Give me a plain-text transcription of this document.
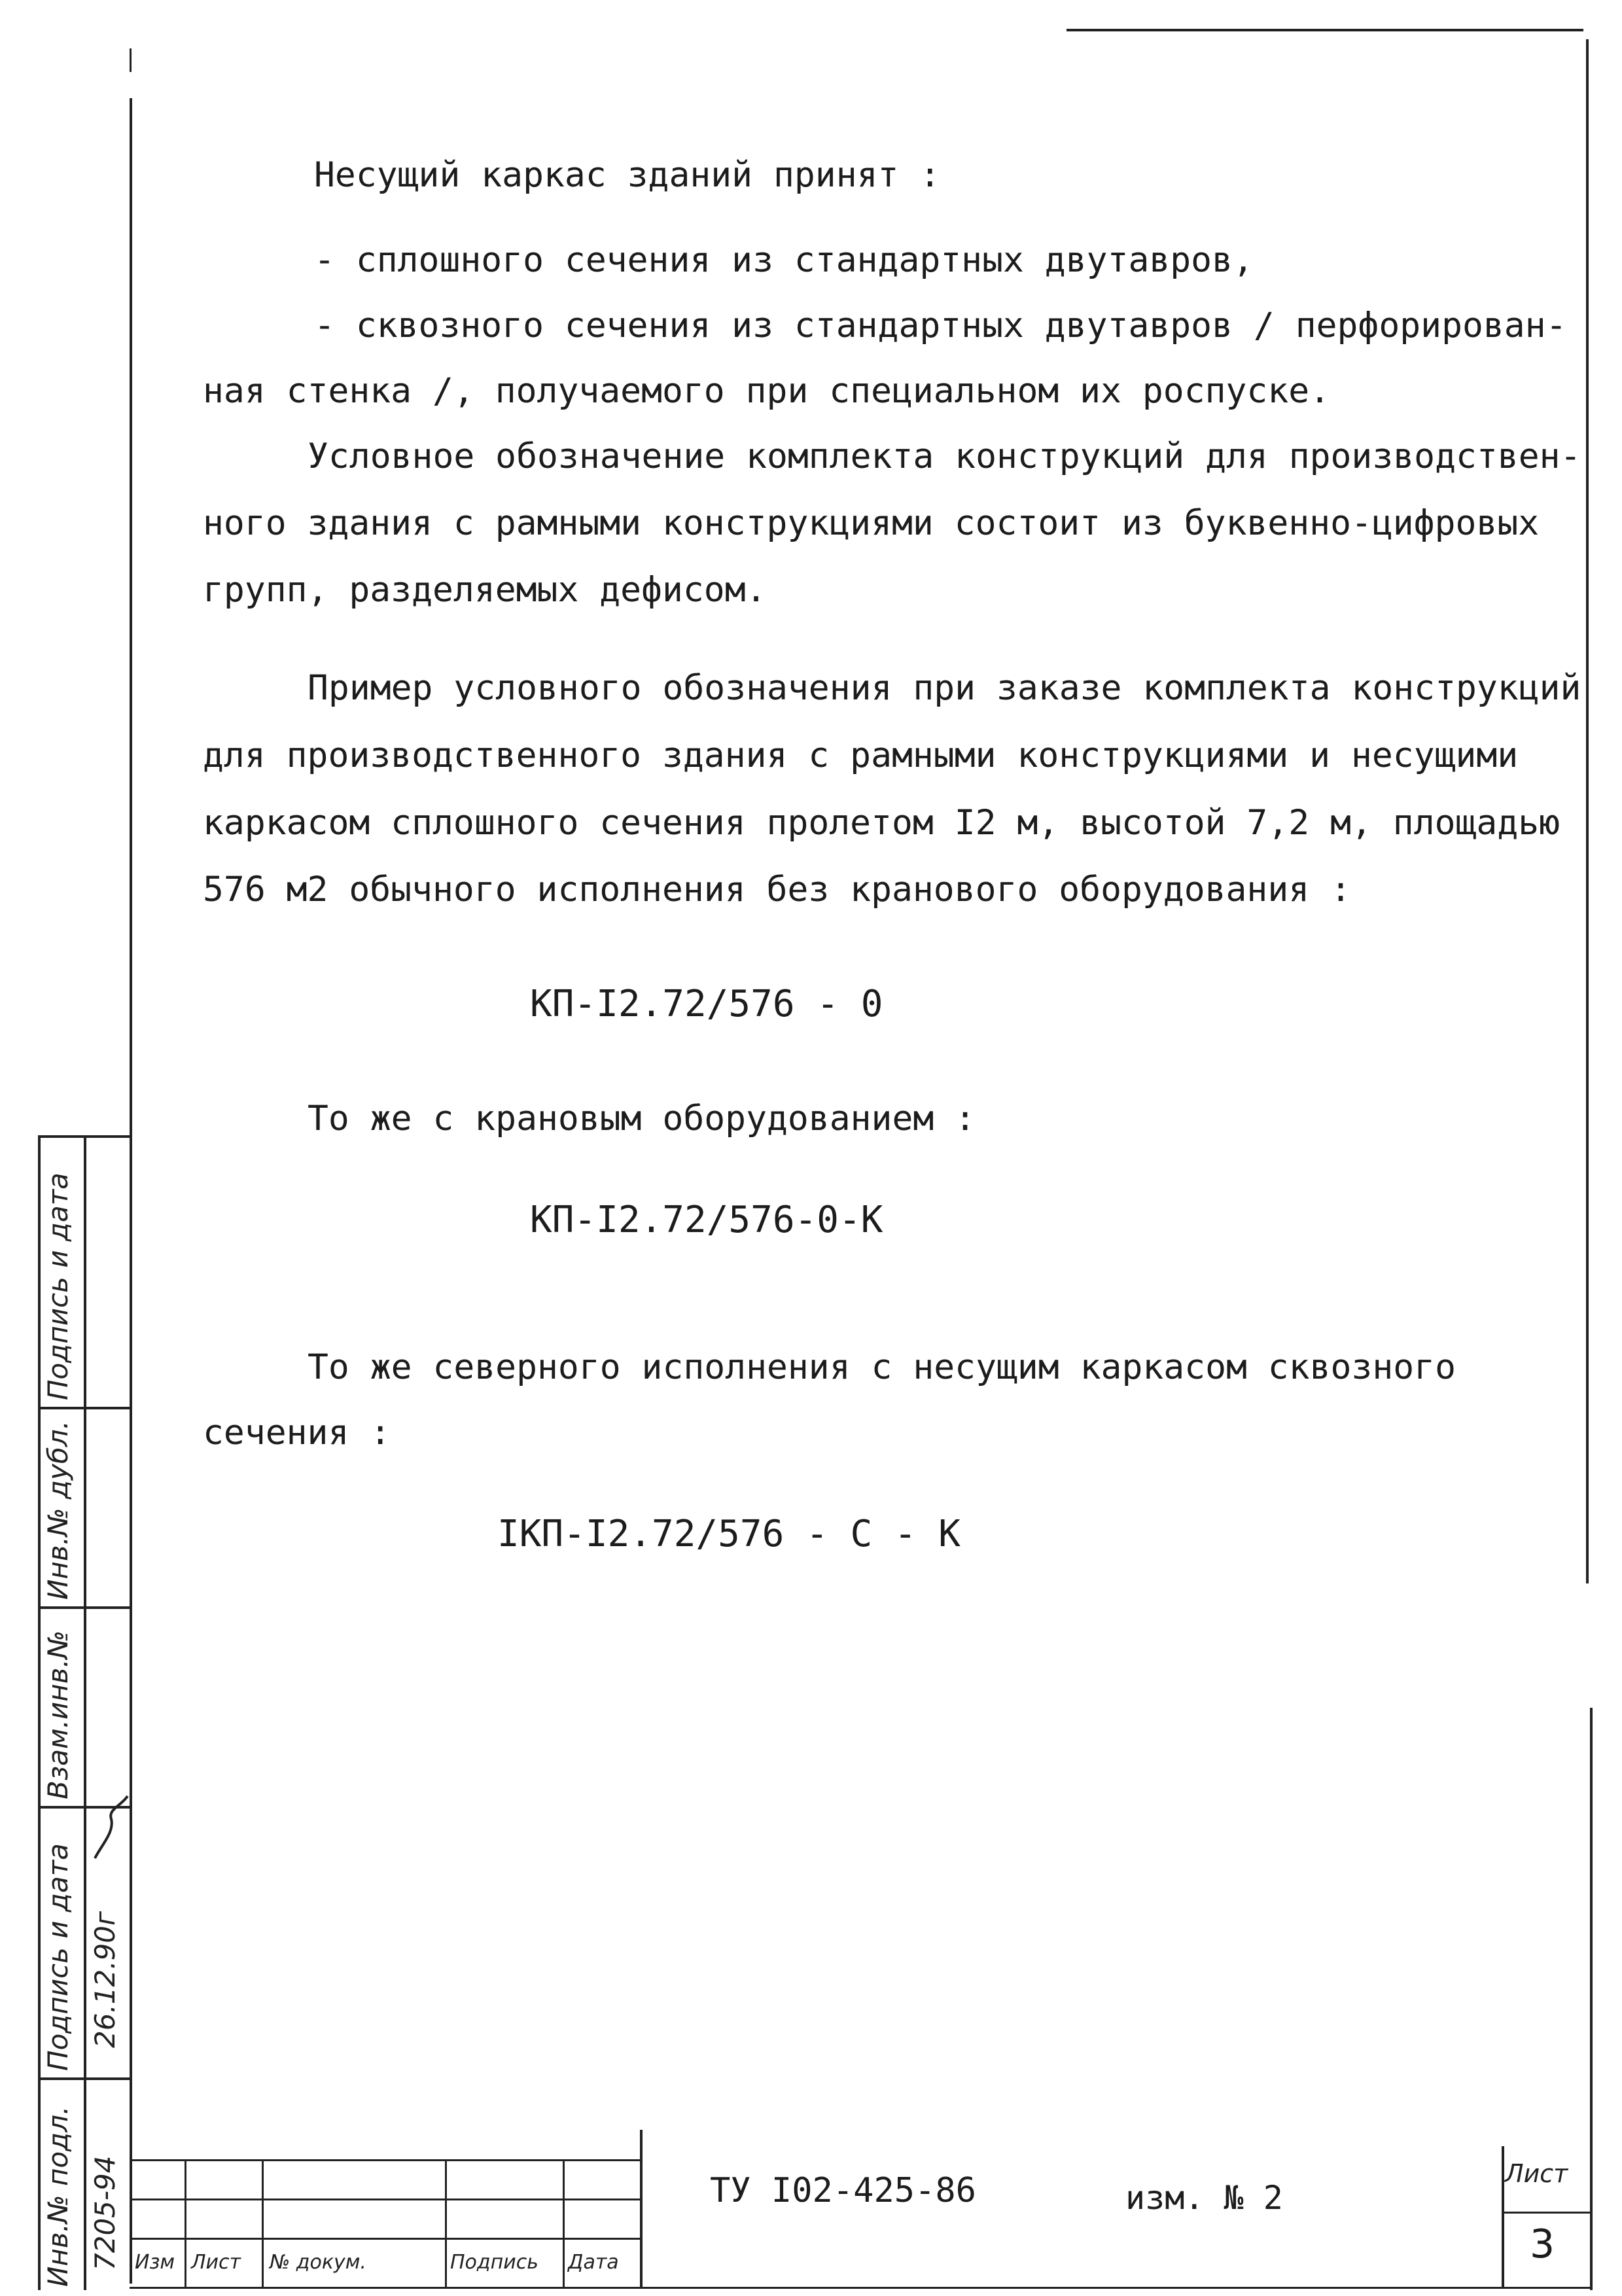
Несущий каркас зданий принят :
- сплошного сечения из стандартных двутавров,
- сквозного сечения из стандартных двутавров / перфорирован-
ная стенка /, получаемого при специальном их роспуске.
Условное обозначение комплекта конструкций для производствен-
ного здания с рамными конструкциями состоит из буквенно-цифровых
групп, разделяемых дефисом.
Пример условного обозначения при заказе комплекта конструкций
для производственного здания с рамными конструкциями и несущими
каркасом сплошного сечения пролетом I2 м, высотой 7,2 м, площадью
576 м2 обычного исполнения без кранового оборудования :
КП-I2.72/576 - 0
То же с крановым оборудованием :
КП-I2.72/576-0-К
То же северного исполнения с несущим каркасом сквозного
сечения :
IКП-I2.72/576 - С - К
Подпись и дата
Инв.№ дубл.
Взам.инв.№
Подпись и дата
Инв.№ подл.
26.12.90г
7205-94 Изм Лист № докум.	Подпись Дата
ТУ I02-425-86	изм. № 2
Лист
3
